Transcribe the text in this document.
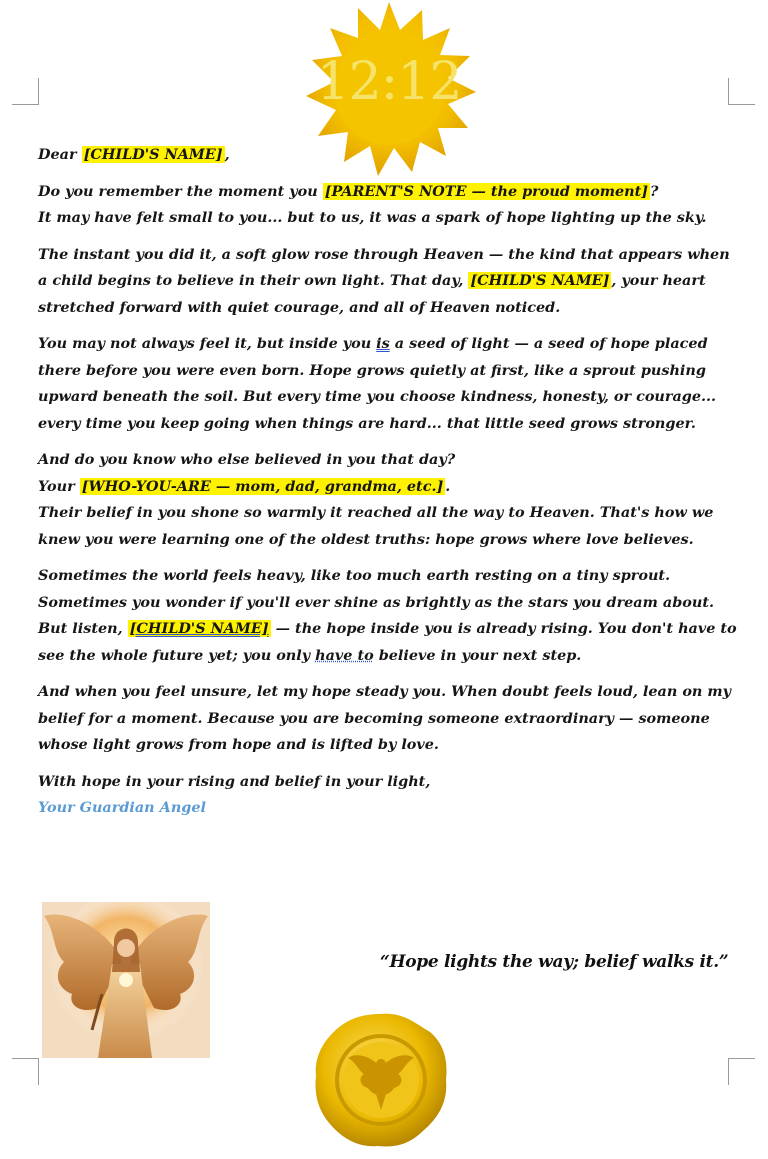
12:12

Dear [CHILD'S NAME] ,

Do you remember the moment you [PARENT'S NOTE — the proud moment] ?
It may have felt small to you... but to us, it was a spark of hope lighting up the sky.

The instant you did it, a soft glow rose through Heaven — the kind that appears when a child begins to believe in their own light. That day, [CHILD'S NAME] , your heart stretched forward with quiet courage, and all of Heaven noticed.

You may not always feel it, but inside you is a seed of light — a seed of hope placed there before you were even born. Hope grows quietly at first, like a sprout pushing upward beneath the soil. But every time you choose kindness, honesty, or courage... every time you keep going when things are hard... that little seed grows stronger.

And do you know who else believed in you that day?
Your [WHO-YOU-ARE — mom, dad, grandma, etc.] .
Their belief in you shone so warmly it reached all the way to Heaven. That's how we knew you were learning one of the oldest truths: hope grows where love believes.

Sometimes the world feels heavy, like too much earth resting on a tiny sprout. Sometimes you wonder if you'll ever shine as brightly as the stars you dream about. But listen, [CHILD'S NAME] — the hope inside you is already rising. You don't have to see the whole future yet; you only have to believe in your next step.

And when you feel unsure, let my hope steady you. When doubt feels loud, lean on my belief for a moment. Because you are becoming someone extraordinary — someone whose light grows from hope and is lifted by love.

With hope in your rising and belief in your light,
Your Guardian Angel

“Hope lights the way; belief walks it.”
